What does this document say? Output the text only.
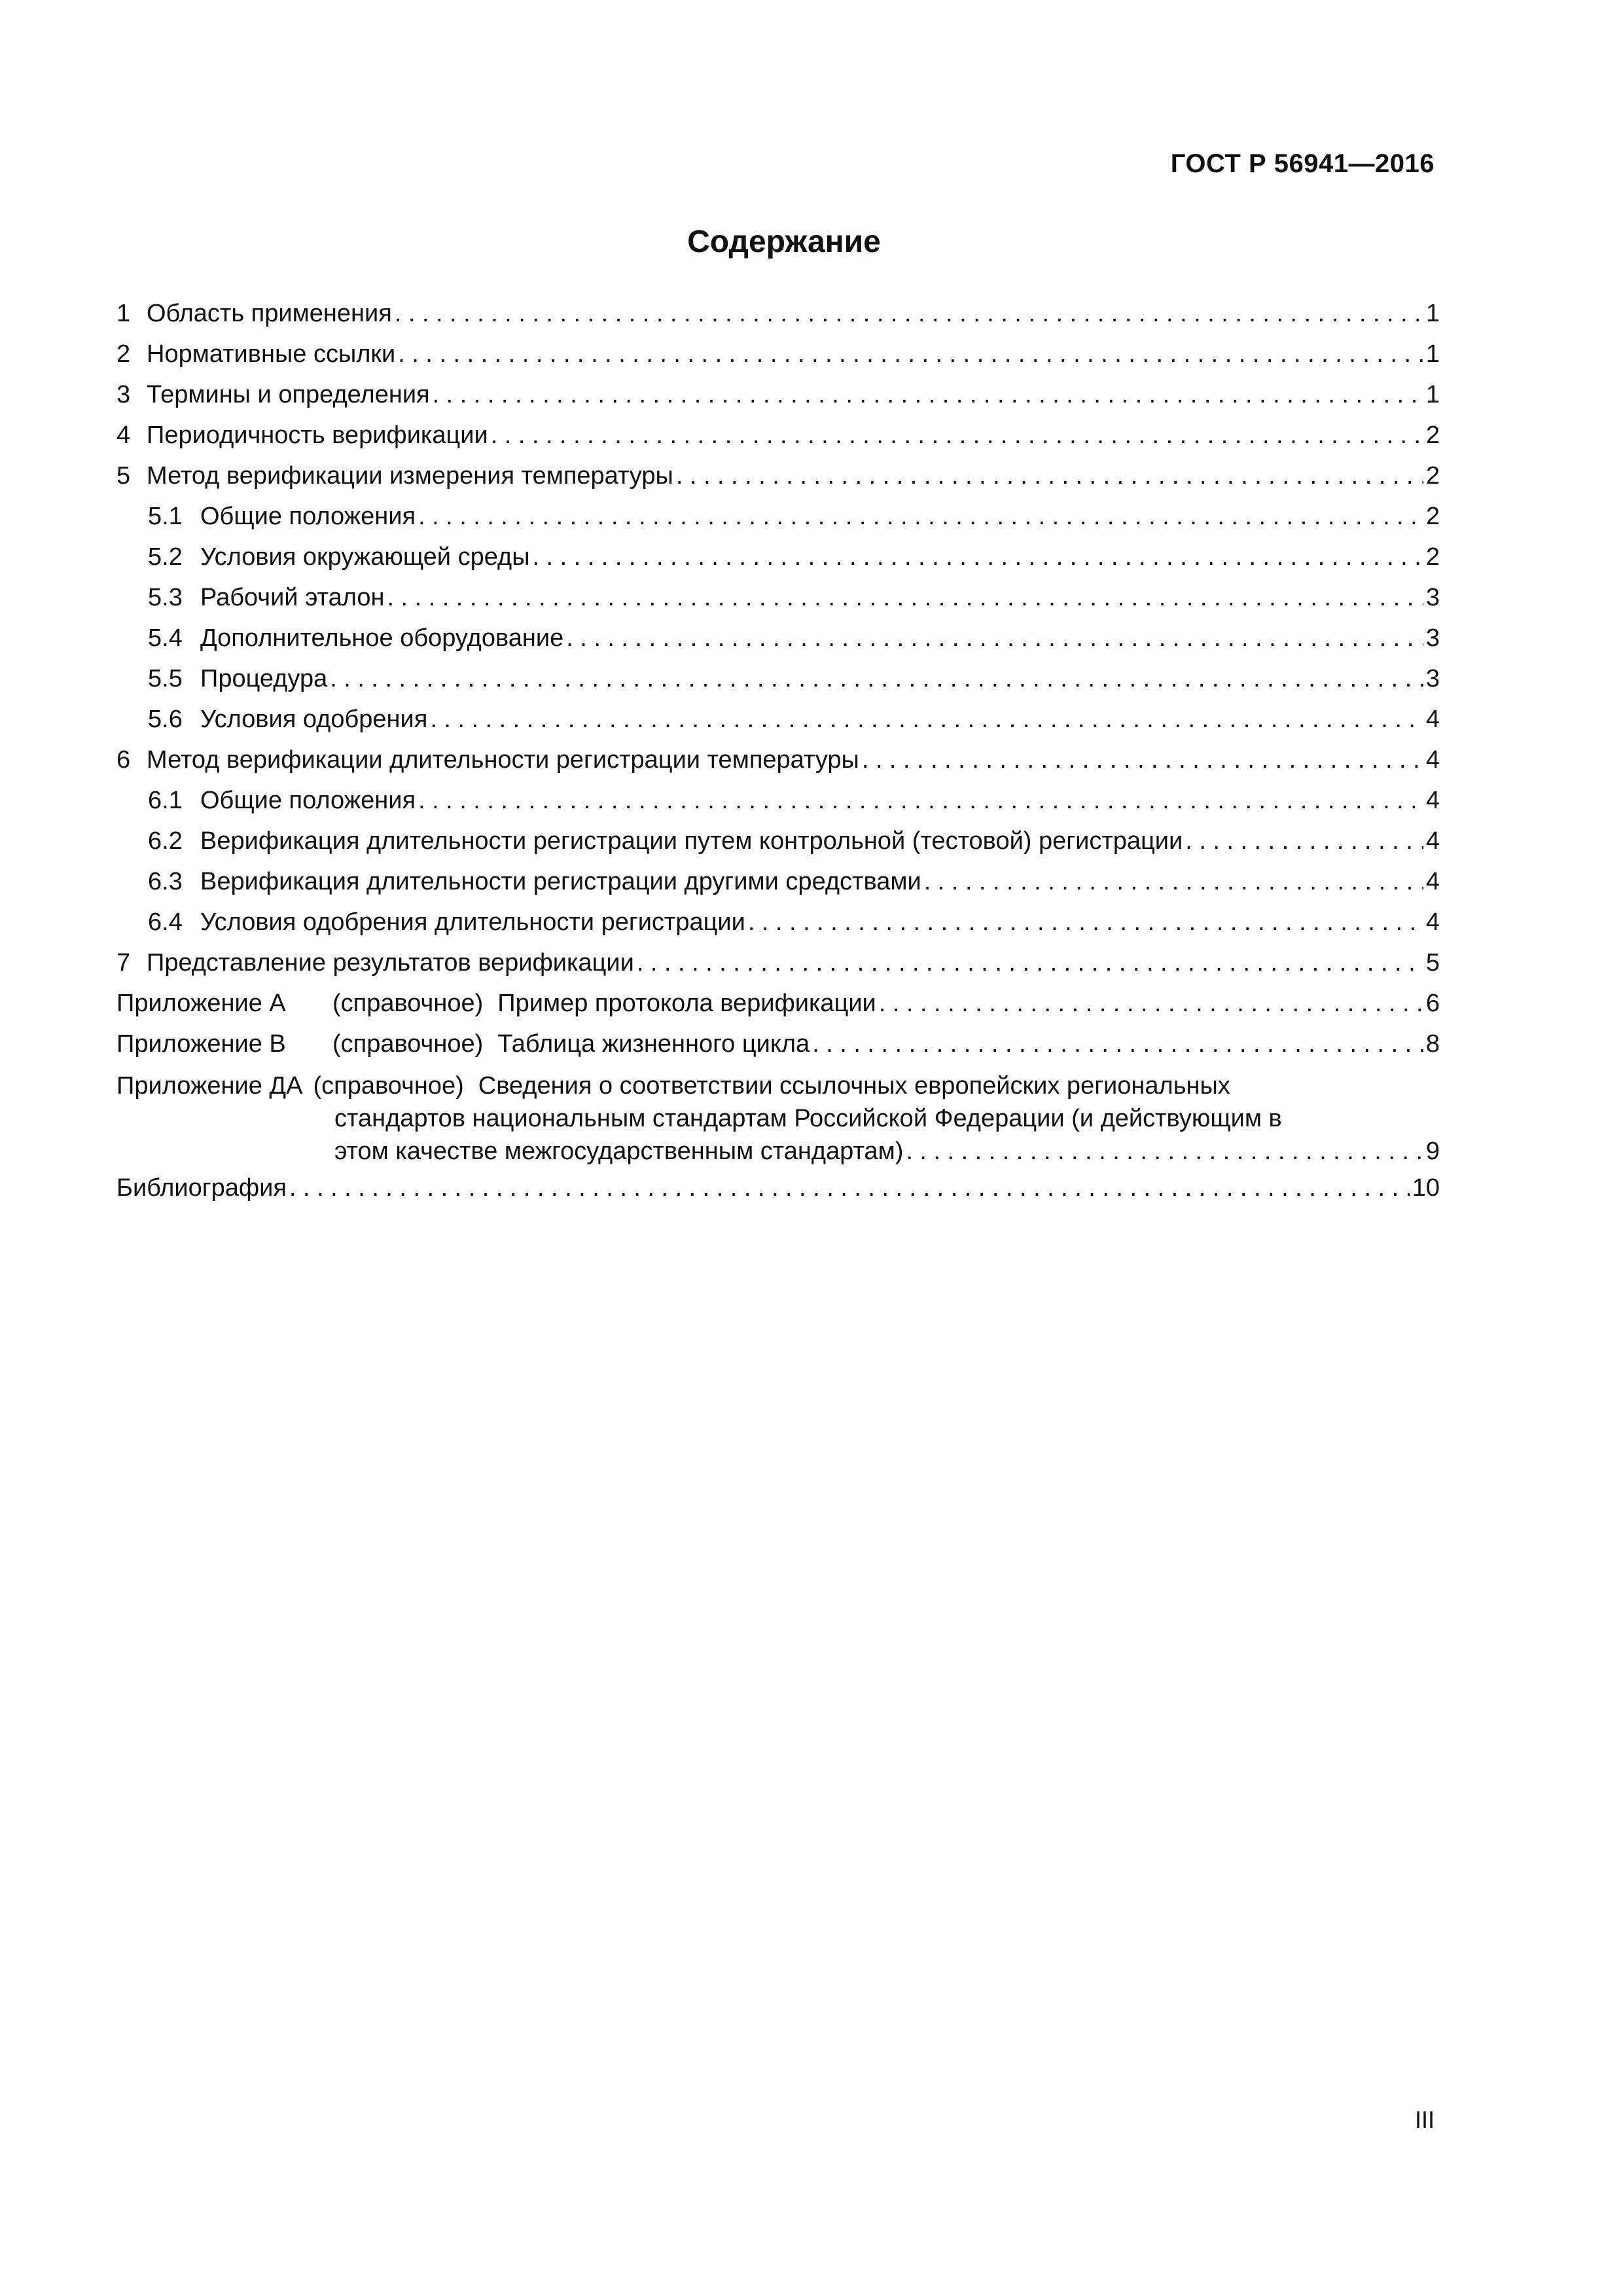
ГОСТ Р 56941—2016
Содержание
1 Область применения .....	1
2 Нормативные ссылки .....	1
3 Термины и определения .....	1
4 Периодичность верификации .....	2
5 Метод верификации измерения температуры .....	2
5.1 Общие положения .....	2
5.2 Условия окружающей среды .....	2
5.3 Рабочий эталон .....	3
5.4 Дополнительное оборудование .....	3
5.5 Процедура .....	3
5.6 Условия одобрения .....	4
6 Метод верификации длительности регистрации температуры .....	4
6.1 Общие положения .....	4
6.2 Верификация длительности регистрации путем контрольной (тестовой) регистрации .....	4
6.3 Верификация длительности регистрации другими средствами .....	4
6.4 Условия одобрения длительности регистрации .....	4
7 Представление результатов верификации .....	5
Приложение А	(справочное) Пример протокола верификации .....	6
Приложение В	(справочное) Таблица жизненного цикла .....	8
Приложение ДА (справочное) Сведения о соответствии ссылочных европейских региональных
стандартов национальным стандартам Российской Федерации (и действующим в
этом качестве межгосударственным стандартам) .....	9
Библиография .....	10
III
